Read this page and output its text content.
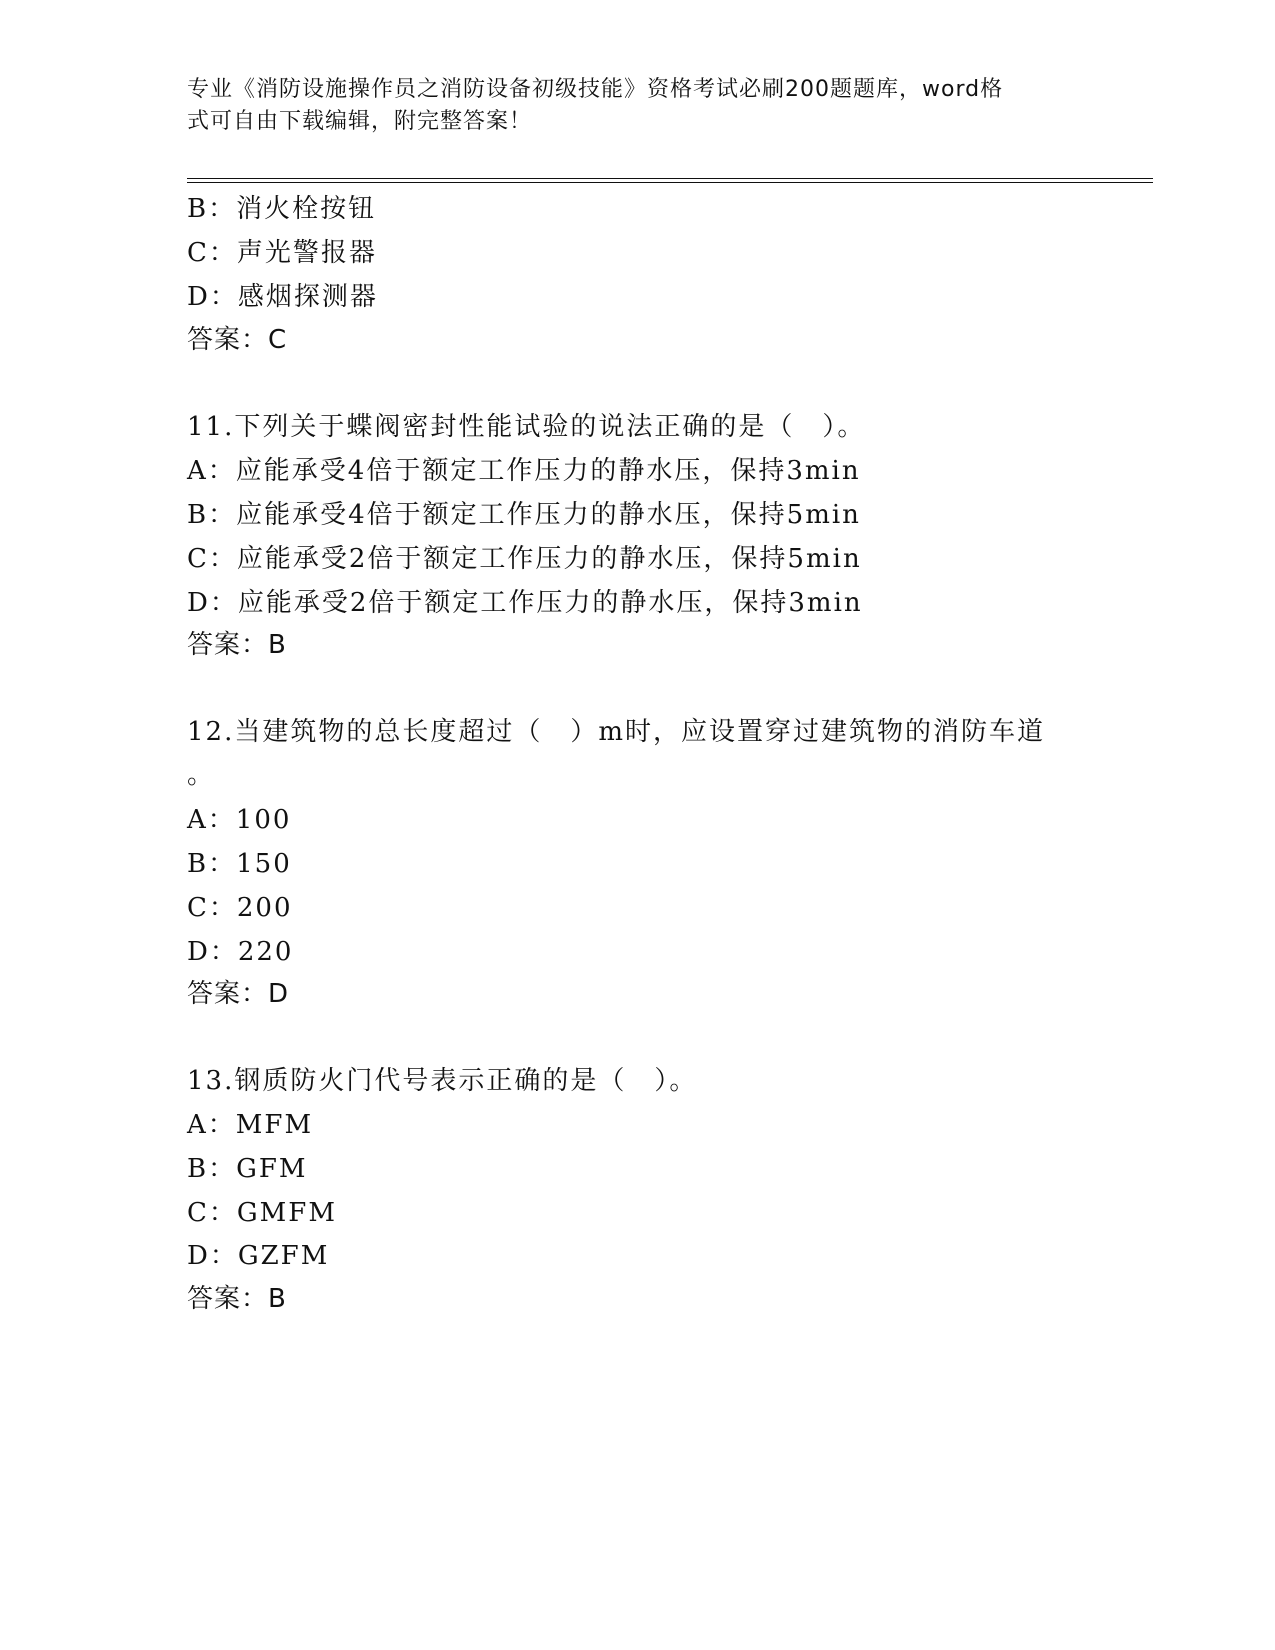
专业《消防设施操作员之消防设备初级技能》资格考试必刷200题题库，word格
式可自由下载编辑，附完整答案！
B：消火栓按钮
C：声光警报器
D：感烟探测器
答案：C
11.下列关于蝶阀密封性能试验的说法正确的是（　）。
A：应能承受4倍于额定工作压力的静水压，保持3min
B：应能承受4倍于额定工作压力的静水压，保持5min
C：应能承受2倍于额定工作压力的静水压，保持5min
D：应能承受2倍于额定工作压力的静水压，保持3min
答案：B
12.当建筑物的总长度超过（　）m时，应设置穿过建筑物的消防车道
。
A：100
B：150
C：200
D：220
答案：D
13.钢质防火门代号表示正确的是（　）。
A：MFM
B：GFM
C：GMFM
D：GZFM
答案：B
